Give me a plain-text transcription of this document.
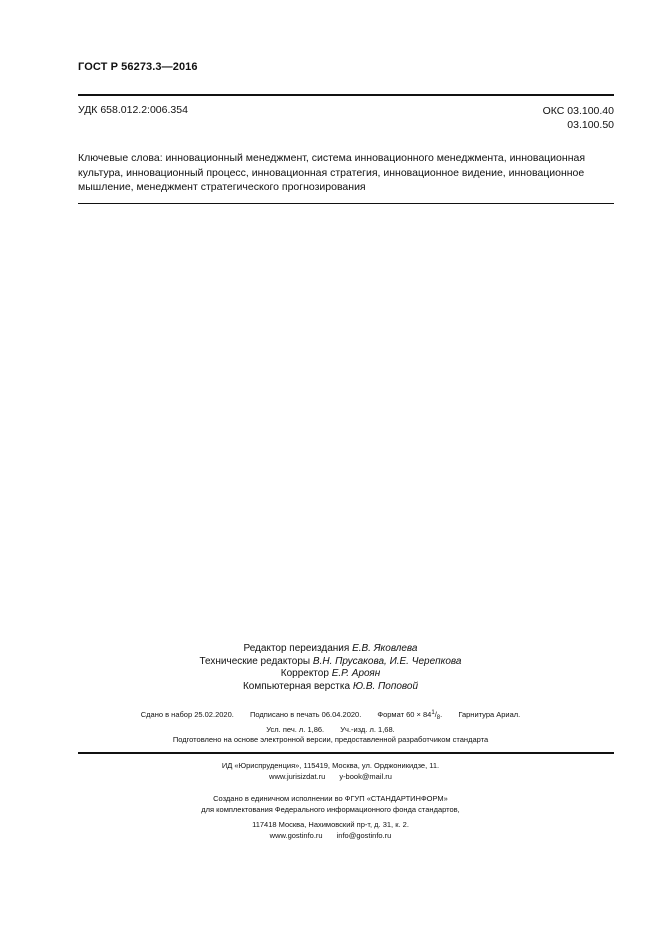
ГОСТ Р 56273.3—2016
УДК 658.012.2:006.354	ОКС 03.100.40
03.100.50
Ключевые слова: инновационный менеджмент, система инновационного менеджмента, инновационная культура, инновационный процесс, инновационная стратегия, инновационное видение, инновационное мышление, менеджмент стратегического прогнозирования
Редактор переиздания Е.В. Яковлева
Технические редакторы В.Н. Прусакова, И.Е. Черепкова
Корректор Е.Р. Ароян
Компьютерная верстка Ю.В. Поповой
Сдано в набор 25.02.2020. Подписано в печать 06.04.2020. Формат $60 \times 84^1/_8$. Гарнитура Ариал.
Усл. печ. л. 1,86. Уч.-изд. л. 1,68.
Подготовлено на основе электронной версии, предоставленной разработчиком стандарта
ИД «Юриспруденция», 115419, Москва, ул. Орджоникидзе, 11.
www.jurisizdat.ru y-book@mail.ru
Создано в единичном исполнении во ФГУП «СТАНДАРТИНФОРМ»
для комплектования Федерального информационного фонда стандартов,
117418 Москва, Нахимовский пр-т, д. 31, к. 2.
www.gostinfo.ru info@gostinfo.ru
